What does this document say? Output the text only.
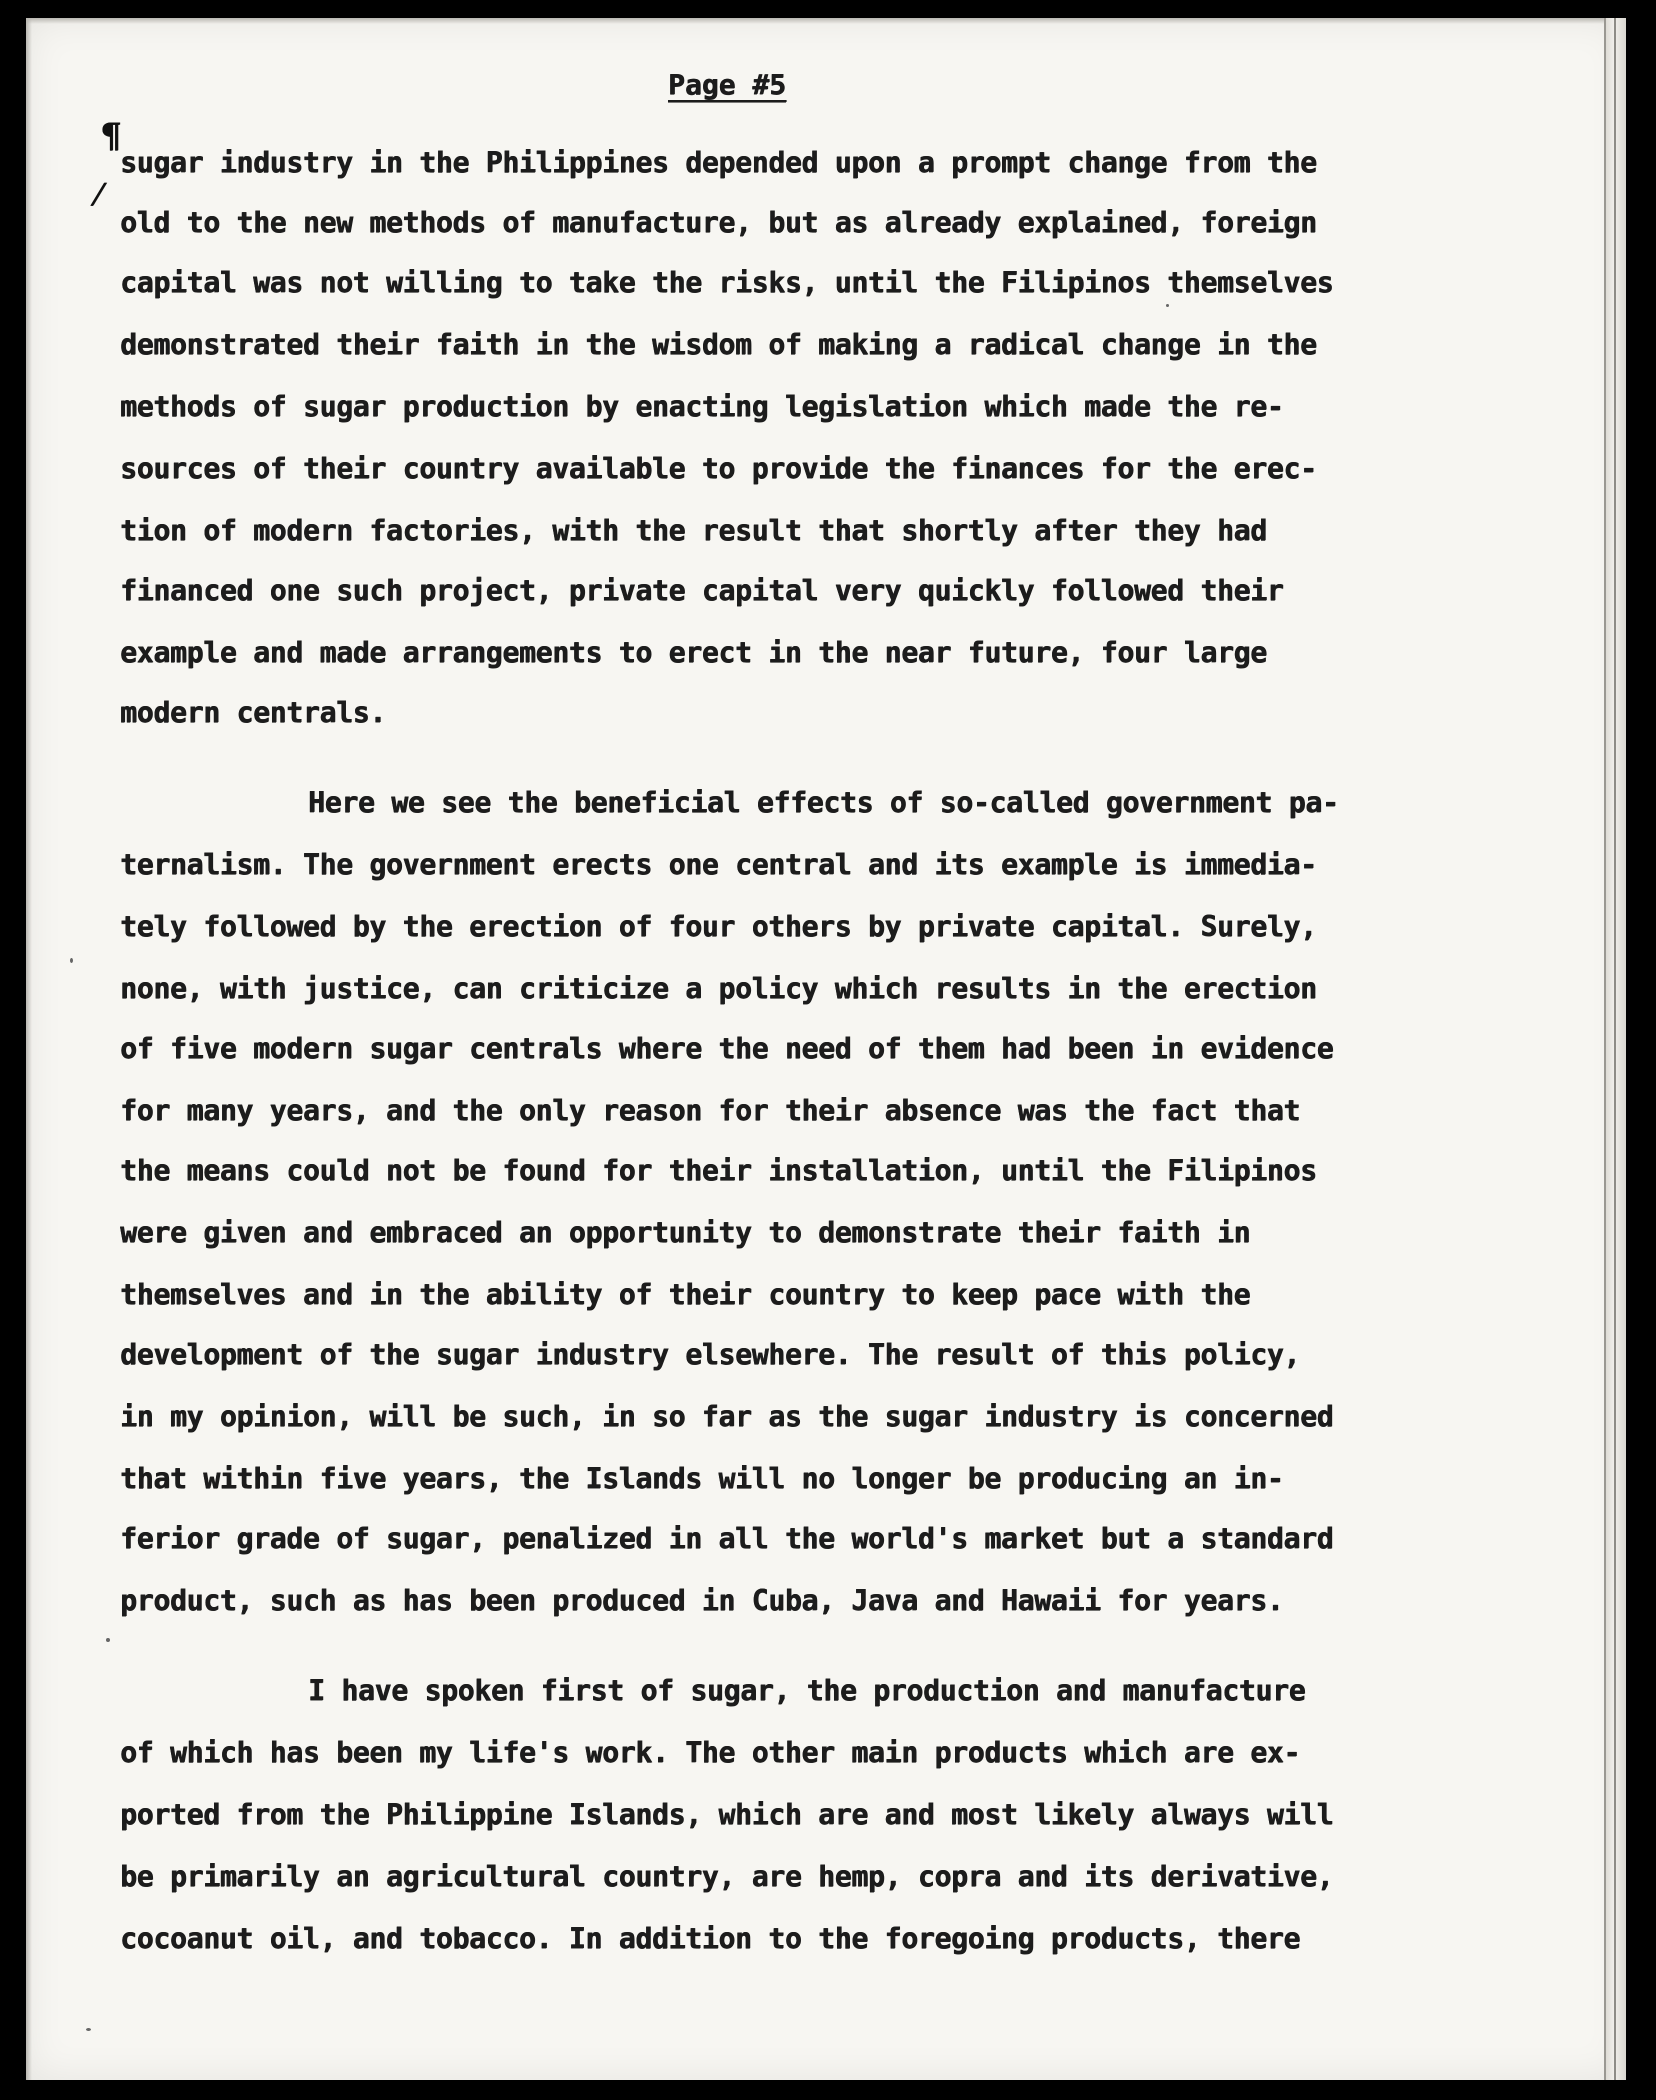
Page #5
¶
⁄
sugar industry in the Philippines depended upon a prompt change from the
old to the new methods of manufacture, but as already explained, foreign
capital was not willing to take the risks, until the Filipinos themselves
demonstrated their faith in the wisdom of making a radical change in the
methods of sugar production by enacting legislation which made the re-
sources of their country available to provide the finances for the erec-
tion of modern factories, with the result that shortly after they had
financed one such project, private capital very quickly followed their
example and made arrangements to erect in the near future, four large
modern centrals.
Here we see the beneficial effects of so-called government pa-
ternalism. The government erects one central and its example is immedia-
tely followed by the erection of four others by private capital. Surely,
none, with justice, can criticize a policy which results in the erection
of five modern sugar centrals where the need of them had been in evidence
for many years, and the only reason for their absence was the fact that
the means could not be found for their installation, until the Filipinos
were given and embraced an opportunity to demonstrate their faith in
themselves and in the ability of their country to keep pace with the
development of the sugar industry elsewhere. The result of this policy,
in my opinion, will be such, in so far as the sugar industry is concerned
that within five years, the Islands will no longer be producing an in-
ferior grade of sugar, penalized in all the world's market but a standard
product, such as has been produced in Cuba, Java and Hawaii for years.
I have spoken first of sugar, the production and manufacture
of which has been my life's work. The other main products which are ex-
ported from the Philippine Islands, which are and most likely always will
be primarily an agricultural country, are hemp, copra and its derivative,
cocoanut oil, and tobacco. In addition to the foregoing products, there
